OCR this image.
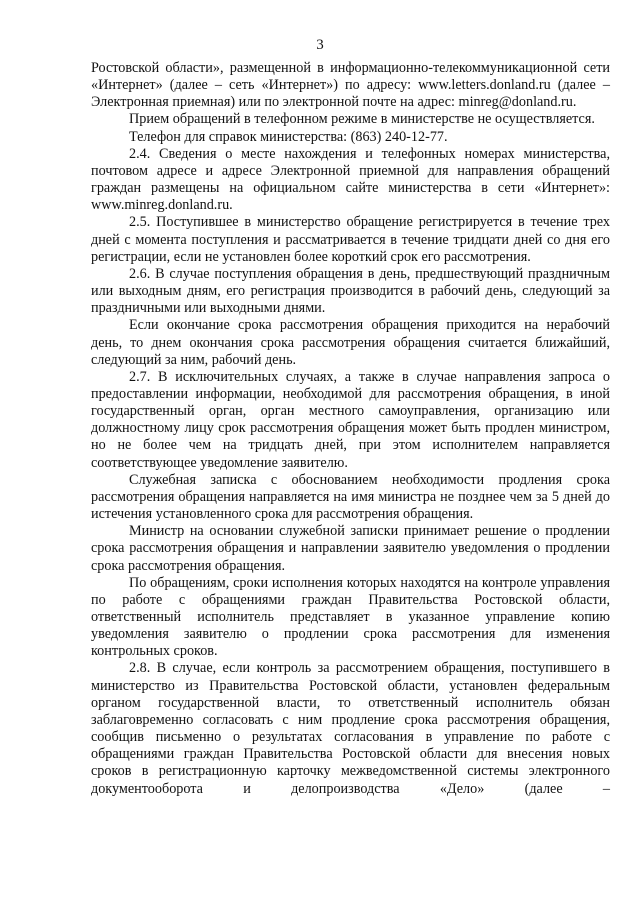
3

Ростовской области», размещенной в информационно-телекоммуникационной сети «Интернет» (далее – сеть «Интернет») по адресу: www.letters.donland.ru (далее – Электронная приемная) или по электронной почте на адрес: minreg@donland.ru.

Прием обращений в телефонном режиме в министерстве не осуществляется.

Телефон для справок министерства: (863) 240-12-77.

2.4. Сведения о месте нахождения и телефонных номерах министерства, почтовом адресе и адресе Электронной приемной для направления обращений граждан размещены на официальном сайте министерства в сети «Интернет»: www.minreg.donland.ru.

2.5. Поступившее в министерство обращение регистрируется в течение трех дней с момента поступления и рассматривается в течение тридцати дней со дня его регистрации, если не установлен более короткий срок его рассмотрения.

2.6. В случае поступления обращения в день, предшествующий праздничным или выходным дням, его регистрация производится в рабочий день, следующий за праздничными или выходными днями.

Если окончание срока рассмотрения обращения приходится на нерабочий день, то днем окончания срока рассмотрения обращения считается ближайший, следующий за ним, рабочий день.

2.7. В исключительных случаях, а также в случае направления запроса о предоставлении информации, необходимой для рассмотрения обращения, в иной государственный орган, орган местного самоуправления, организацию или должностному лицу срок рассмотрения обращения может быть продлен министром, но не более чем на тридцать дней, при этом исполнителем направляется соответствующее уведомление заявителю.

Служебная записка с обоснованием необходимости продления срока рассмотрения обращения направляется на имя министра не позднее чем за 5 дней до истечения установленного срока для рассмотрения обращения.

Министр на основании служебной записки принимает решение о продлении срока рассмотрения обращения и направлении заявителю уведомления о продлении срока рассмотрения обращения.

По обращениям, сроки исполнения которых находятся на контроле управления по работе с обращениями граждан Правительства Ростовской области, ответственный исполнитель представляет в указанное управление копию уведомления заявителю о продлении срока рассмотрения для изменения контрольных сроков.

2.8. В случае, если контроль за рассмотрением обращения, поступившего в министерство из Правительства Ростовской области, установлен федеральным органом государственной власти, то ответственный исполнитель обязан заблаговременно согласовать с ним продление срока рассмотрения обращения, сообщив письменно о результатах согласования в управление по работе с обращениями граждан Правительства Ростовской области для внесения новых сроков в регистрационную карточку межведомственной системы электронного документооборота и делопроизводства «Дело» (далее –
